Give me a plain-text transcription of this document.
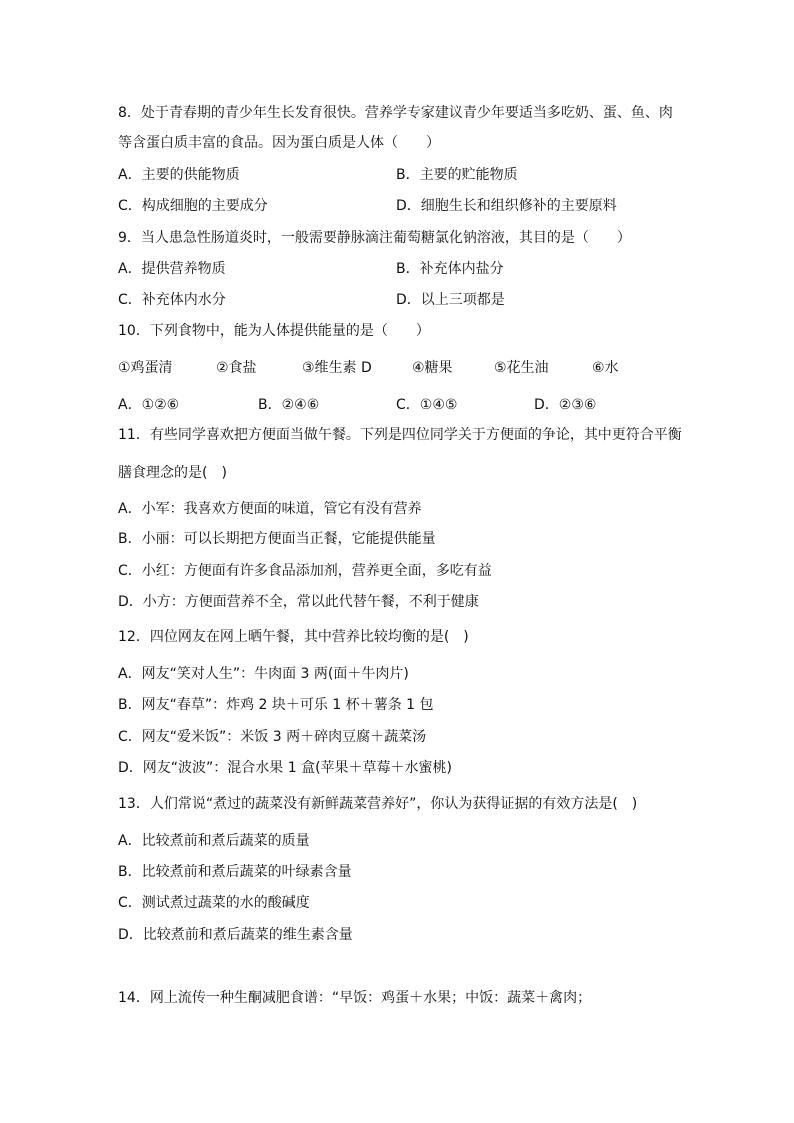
8．处于青春期的青少年生长发育很快。营养学专家建议青少年要适当多吃奶、蛋、鱼、肉
等含蛋白质丰富的食品。因为蛋白质是人体（　　）
A．主要的供能物质	B．主要的贮能物质
C．构成细胞的主要成分	D．细胞生长和组织修补的主要原料
9．当人患急性肠道炎时，一般需要静脉滴注葡萄糖氯化钠溶液，其目的是（　　）
A．提供营养物质	B．补充体内盐分
C．补充体内水分	D．以上三项都是
10．下列食物中，能为人体提供能量的是（　　）
①鸡蛋清	②食盐	③维生素 D	④糖果	⑤花生油	⑥水
A．①②⑥	B．②④⑥	C．①④⑤	D．②③⑥
11．有些同学喜欢把方便面当做午餐。下列是四位同学关于方便面的争论，其中更符合平衡
膳食理念的是(　)
A．小军：我喜欢方便面的味道，管它有没有营养
B．小丽：可以长期把方便面当正餐，它能提供能量
C．小红：方便面有许多食品添加剂，营养更全面，多吃有益
D．小方：方便面营养不全，常以此代替午餐，不利于健康
12．四位网友在网上晒午餐，其中营养比较均衡的是(　)
A．网友“笑对人生”：牛肉面 3 两(面＋牛肉片)
B．网友“春草”：炸鸡 2 块＋可乐 1 杯＋薯条 1 包
C．网友“爱米饭”：米饭 3 两＋碎肉豆腐＋蔬菜汤
D．网友“波波”：混合水果 1 盒(苹果＋草莓＋水蜜桃)
13．人们常说“煮过的蔬菜没有新鲜蔬菜营养好”，你认为获得证据的有效方法是(　)
A．比较煮前和煮后蔬菜的质量
B．比较煮前和煮后蔬菜的叶绿素含量
C．测试煮过蔬菜的水的酸碱度
D．比较煮前和煮后蔬菜的维生素含量
14．网上流传一种生酮减肥食谱：“早饭：鸡蛋＋水果；中饭：蔬菜＋禽肉；
